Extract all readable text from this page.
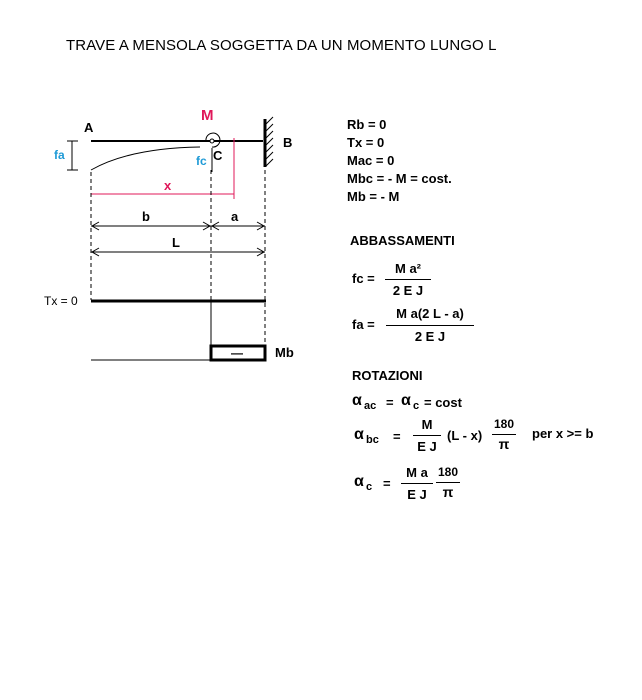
TRAVE A MENSOLA SOGGETTA DA UN MOMENTO LUNGO L
A
B
C
M
fa	fc
x
b	a
L
Tx = 0
Mb
—
Rb = 0
Tx = 0
Mac = 0
Mbc = - M = cost.
Mb = - M
ABBASSAMENTI
fc =
M a²
2 E J
fa =
M a(2 L - a)
2 E J
ROTAZIONI
α ac = α c = cost
α bc =
M
E J
(L - x)
180
π
per x >= b
α c =
M a
E J
180
π
